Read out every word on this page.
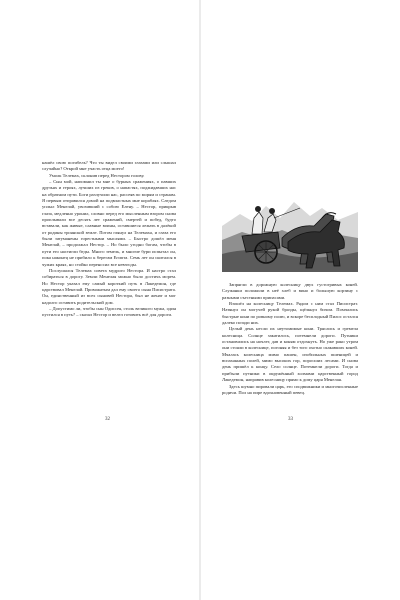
нашёл свою погибель? Что ты видел своими глазами или слышал случайно? Открой мне участь отца моего!

Умолк Телемах, склонив перед Нестором голову.

– Сын мой, напомнил ты мне о бурных сражениях, о павших друзьях и героях, лучших из греков, о напастях, поджидавших нас на обратном пути. Боги разлучили нас, рассеяв по морям и странам. Я первым отправился домой на подвластных мне кораблях. Следом уплыл Менелай, увозивший с собою Елену. – Нестор, прикрыв глаза, медленно уронил, словно перед его мысленным взором снова проплывали все десять лет сражений, смертей и побед, будто вставали, как живые, славные воины, оставшиеся лежать в далёкой от родины троянской земле. Потом глянул на Телемаха, и глаза его были затуманены горестными мыслями. – Быстро дошёл меня Менелай, – продолжал Нестор. – Но было угодно богам, чтобы в пути его настигли беды. Много земель, и многие бури испытал он, пока наконец не прибило к берегам Египта. Семь лет он скитался в чужих краях, но стойко переносил все невзгоды.

Послушался Телемах совета мудрого Нестора. И настро стал собираться в дорогу. Земли Менелая можно было достичь морем. Но Нестор указал ему самый короткий путь в Лакедемон, где царствовал Менелай. Провожатым дал ему своего сына Писистрата. Он, единственный из всех сыновей Нестора, был не женат и мог надолго оставить родительский дом.

– Допустимо ли, чтобы сын Одиссея, столь великого мужа, один пустился в путь? – сказал Нестор и велел готовить всё для дороги.

32

Запрягли в дорожную колесницу двух густогривых коней. Служанки положили в неё хлеб и вино и большую корзину с разными съестными припасами.

Взошёл на колесницу Телемах. Рядом с ним стал Писистрат. Натянул он могучей рукой бразды, щёлкнул бичом. Помчались быстрые кони по ровному полю, и вскоре бесплодный Пилос остался далеко позади них.

Целый день несли их неутомимые кони. Тряслись и гремела колесница. Солнце закатилось, потемнели дороги. Путники остановились на ночлег, дав и коням отдохнуть. Но уже рано утром они стояли в колеснице, погоняя и без того охотно скакавших коней. Мчалась колесница мимо пашен, изобильных пшеницей и вспаханных полей, мимо высоких гор, поросших лесами. И снова день пришёл к концу. Село солнце. Потемнели дороги. Тогда и прибыли путники в окружённый холмами царственный город Лакедемон, направив колесницу прямо к дому царя Менелая.

Здесь шумно пировали царь, его сподвижники и многочисленные родичи. Пол на пире вдохновенный певец.

33
